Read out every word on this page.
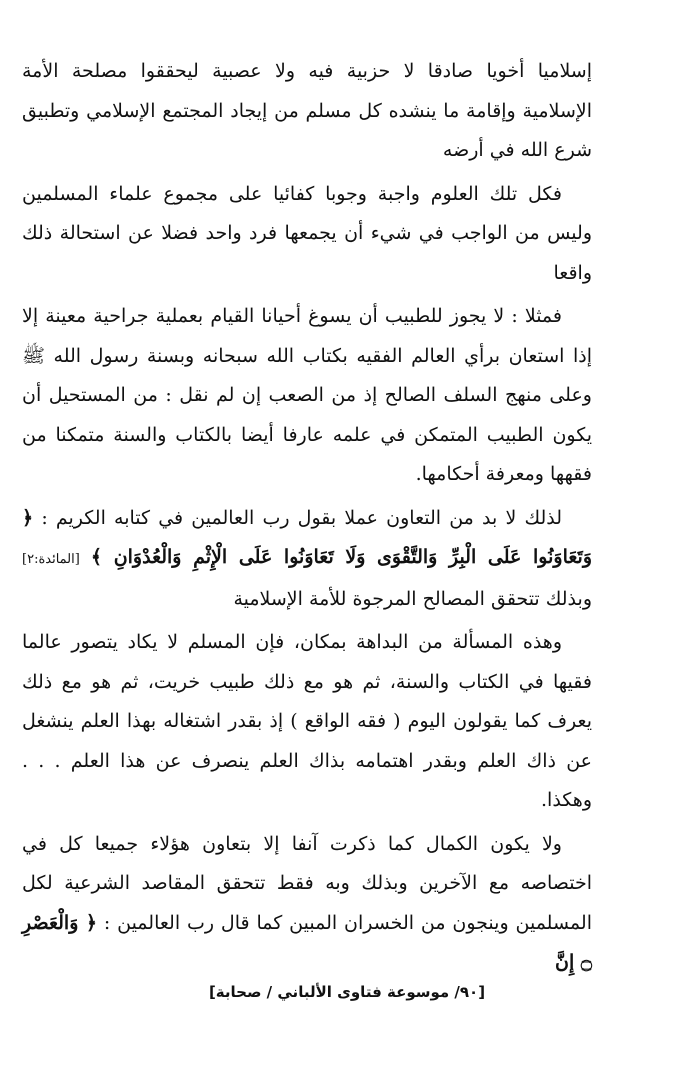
إسلاميا أخويا صادقا لا حزبية فيه ولا عصبية ليحققوا مصلحة الأمة الإسلامية وإقامة ما ينشده كل مسلم من إيجاد المجتمع الإسلامي وتطبيق شرع الله في أرضه

فكل تلك العلوم واجبة وجوبا كفائيا على مجموع علماء المسلمين وليس من الواجب في شيء أن يجمعها فرد واحد فضلا عن استحالة ذلك واقعا

فمثلا : لا يجوز للطبيب أن يسوغ أحيانا القيام بعملية جراحية معينة إلا إذا استعان برأي العالم الفقيه بكتاب الله سبحانه وبسنة رسول الله ﷺ وعلى منهج السلف الصالح إذ من الصعب إن لم نقل : من المستحيل أن يكون الطبيب المتمكن في علمه عارفا أيضا بالكتاب والسنة متمكنا من فقهها ومعرفة أحكامها.

لذلك لا بد من التعاون عملا بقول رب العالمين في كتابه الكريم : ﴿ وَتَعَاوَنُوا عَلَى الْبِرِّ وَالتَّقْوَى وَلَا تَعَاوَنُوا عَلَى الْإِثْمِ وَالْعُدْوَانِ ﴾ [المائدة:٢] وبذلك تتحقق المصالح المرجوة للأمة الإسلامية

وهذه المسألة من البداهة بمكان، فإن المسلم لا يكاد يتصور عالما فقيها في الكتاب والسنة، ثم هو مع ذلك طبيب خريت، ثم هو مع ذلك يعرف كما يقولون اليوم ( فقه الواقع ) إذ بقدر اشتغاله بهذا العلم ينشغل عن ذاك العلم وبقدر اهتمامه بذاك العلم ينصرف عن هذا العلم . . . وهكذا.

ولا يكون الكمال كما ذكرت آنفا إلا بتعاون هؤلاء جميعا كل في اختصاصه مع الآخرين وبذلك وبه فقط تتحقق المقاصد الشرعية لكل المسلمين وينجون من الخسران المبين كما قال رب العالمين : ﴿ وَالْعَصْرِ ۝ إِنَّ

[٩٠/ موسوعة فتاوى الألباني / صحابة]
